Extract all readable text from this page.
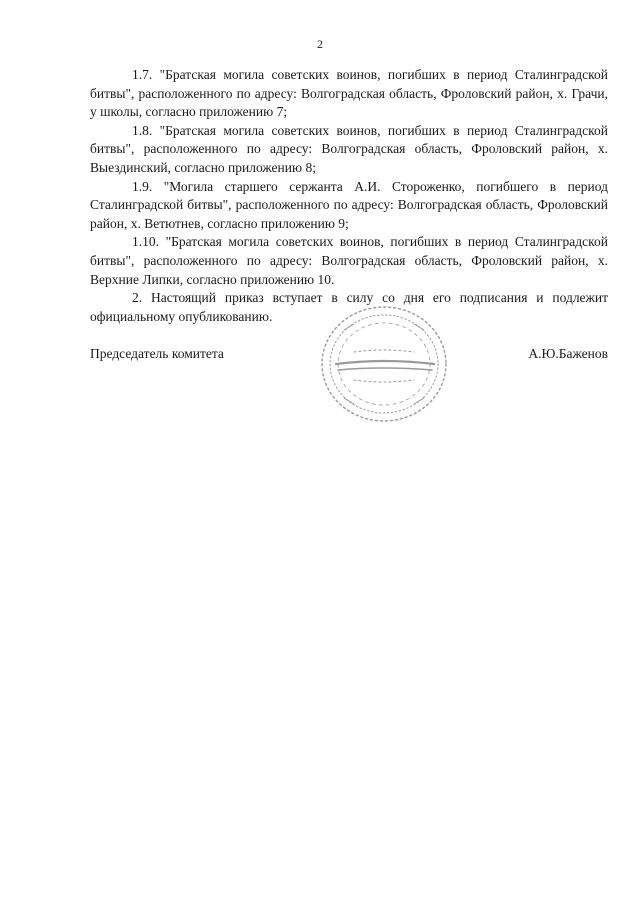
2

1.7. "Братская могила советских воинов, погибших в период Сталинградской битвы", расположенного по адресу: Волгоградская область, Фроловский район, х. Грачи, у школы, согласно приложению 7;

1.8. "Братская могила советских воинов, погибших в период Сталинградской битвы", расположенного по адресу: Волгоградская область, Фроловский район, х. Выездинский, согласно приложению 8;

1.9. "Могила старшего сержанта А.И. Стороженко, погибшего в период Сталинградской битвы", расположенного по адресу: Волгоградская область, Фроловский район, х. Ветютнев, согласно приложению 9;

1.10. "Братская могила советских воинов, погибших в период Сталинградской битвы", расположенного по адресу: Волгоградская область, Фроловский район, х. Верхние Липки, согласно приложению 10.

2. Настоящий приказ вступает в силу со дня его подписания и подлежит официальному опубликованию.

Председатель комитета	А.Ю.Баженов
